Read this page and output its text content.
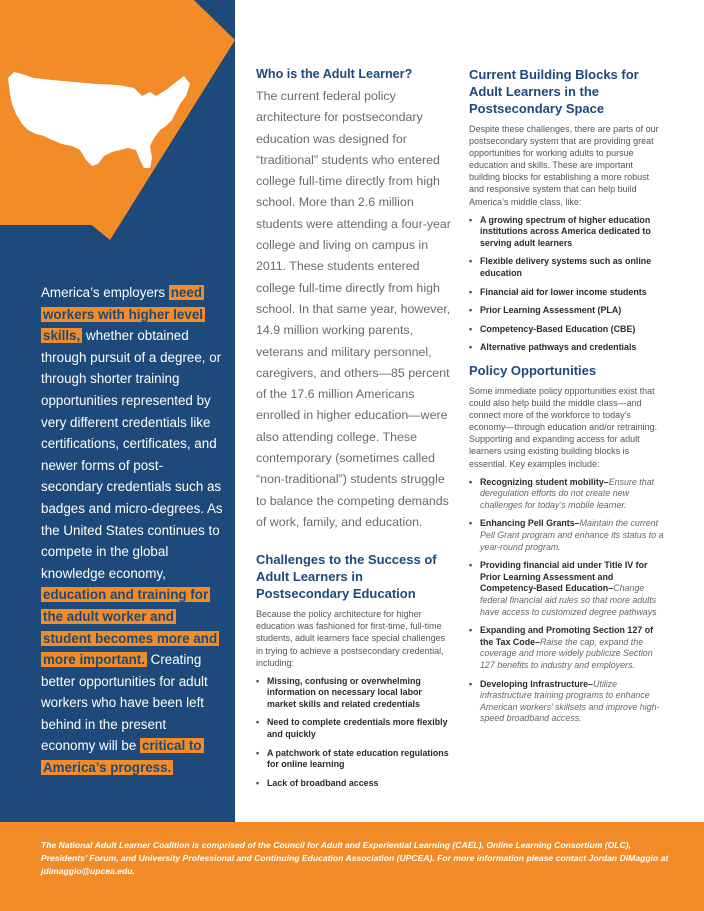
America’s employers need workers with higher level skills, whether obtained through pursuit of a degree, or through shorter training opportunities represented by very different credentials like certifications, certificates, and newer forms of post-secondary credentials such as badges and micro-degrees. As the United States continues to compete in the global knowledge economy, education and training for the adult worker and student becomes more and more important. Creating better opportunities for adult workers who have been left behind in the present economy will be critical to America’s progress.
Who is the Adult Learner?

The current federal policy architecture for postsecondary education was designed for “traditional” students who entered college full-time directly from high school. More than 2.6 million students were attending a four-year college and living on campus in 2011. These students entered college full-time directly from high school. In that same year, however, 14.9 million working parents, veterans and military personnel, caregivers, and others—85 percent of the 17.6 million Americans enrolled in higher education—were also attending college. These contemporary (sometimes called “non-traditional”) students struggle to balance the competing demands of work, family, and education.

Challenges to the Success of Adult Learners in Postsecondary Education

Because the policy architecture for higher education was fashioned for first-time, full-time students, adult learners face special challenges in trying to achieve a postsecondary credential, including:

• Missing, confusing or overwhelming information on necessary local labor market skills and related credentials
• Need to complete credentials more flexibly and quickly
• A patchwork of state education regulations for online learning
• Lack of broadband access
Current Building Blocks for Adult Learners in the Postsecondary Space

Despite these challenges, there are parts of our postsecondary system that are providing great opportunities for working adults to pursue education and skills. These are important building blocks for establishing a more robust and responsive system that can help build America’s middle class, like:

• A growing spectrum of higher education institutions across America dedicated to serving adult learners
• Flexible delivery systems such as online education
• Financial aid for lower income students
• Prior Learning Assessment (PLA)
• Competency-Based Education (CBE)
• Alternative pathways and credentials
Policy Opportunities

Some immediate policy opportunities exist that could also help build the middle class—and connect more of the workforce to today’s economy—through education and/or retraining. Supporting and expanding access for adult learners using existing building blocks is essential. Key examples include:

• Recognizing student mobility–Ensure that deregulation efforts do not create new challenges for today’s mobile learner.
• Enhancing Pell Grants–Maintain the current Pell Grant program and enhance its status to a year-round program.
• Providing financial aid under Title IV for Prior Learning Assessment and Competency-Based Education–Change federal financial aid rules so that more adults have access to customized degree pathways
• Expanding and Promoting Section 127 of the Tax Code–Raise the cap, expand the coverage and more widely publicize Section 127 benefits to industry and employers.
• Developing Infrastructure–Utilize infrastructure training programs to enhance American workers’ skillsets and improve high-speed broadband access.

The National Adult Learner Coalition is comprised of the Council for Adult and Experiential Learning (CAEL), Online Learning Consortium (OLC), Presidents’ Forum, and University Professional and Continuing Education Association (UPCEA). For more information please contact Jordan DiMaggio at jdimaggio@upcea.edu.
